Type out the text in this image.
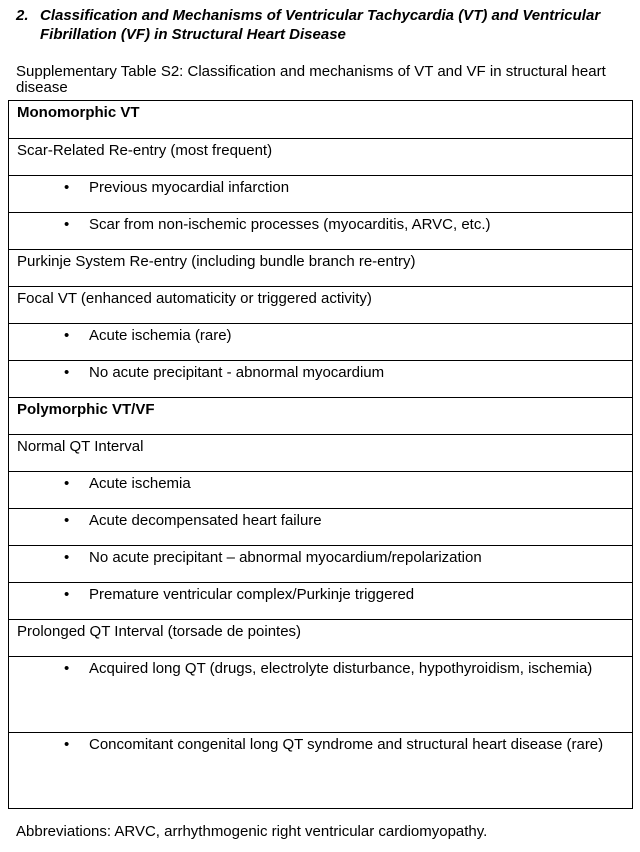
2. Classification and Mechanisms of Ventricular Tachycardia (VT) and Ventricular Fibrillation (VF) in Structural Heart Disease
Supplementary Table S2: Classification and mechanisms of VT and VF in structural heart disease
Monomorphic VT
Scar-Related Re-entry (most frequent)
• Previous myocardial infarction
• Scar from non-ischemic processes (myocarditis, ARVC, etc.)
Purkinje System Re-entry (including bundle branch re-entry)
Focal VT (enhanced automaticity or triggered activity)
• Acute ischemia (rare)
• No acute precipitant - abnormal myocardium
Polymorphic VT/VF
Normal QT Interval
• Acute ischemia
• Acute decompensated heart failure
• No acute precipitant – abnormal myocardium/repolarization
• Premature ventricular complex/Purkinje triggered
Prolonged QT Interval (torsade de pointes)
• Acquired long QT (drugs, electrolyte disturbance, hypothyroidism, ischemia)
• Concomitant congenital long QT syndrome and structural heart disease (rare)
Abbreviations: ARVC, arrhythmogenic right ventricular cardiomyopathy.
